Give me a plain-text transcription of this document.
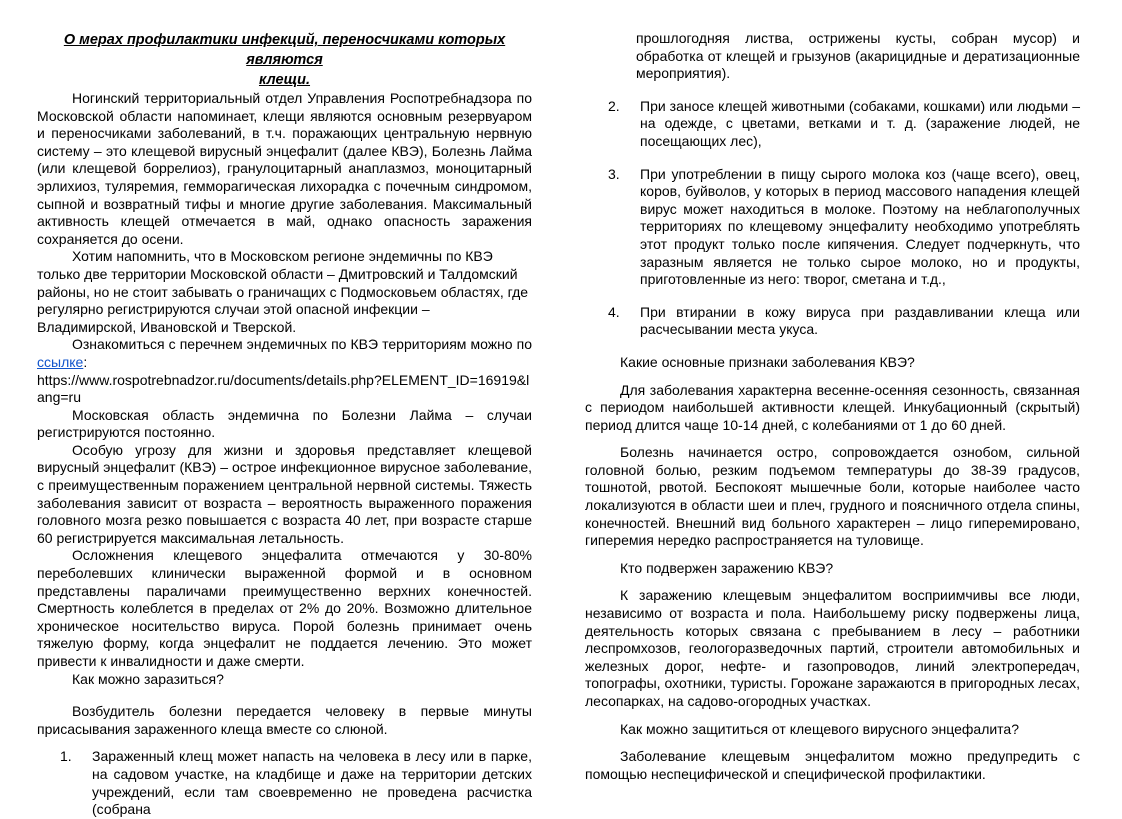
О мерах профилактики инфекций, переносчиками которых являются
клещи.

Ногинский территориальный отдел Управления Роспотребнадзора по Московской области напоминает, клещи являются основным резервуаром и переносчиками заболеваний, в т.ч. поражающих центральную нервную систему – это клещевой вирусный энцефалит (далее КВЭ), Болезнь Лайма (или клещевой боррелиоз), гранулоцитарный анаплазмоз, моноцитарный эрлихиоз, туляремия, гемморагическая лихорадка с почечным синдромом, сыпной и возвратный тифы и многие другие заболевания. Максимальный активность клещей отмечается в май, однако опасность заражения сохраняется до осени.

Хотим напомнить, что в Московском регионе эндемичны по КВЭ только две территории Московской области – Дмитровский и Талдомский районы, но не стоит забывать о граничащих с Подмосковьем областях, где регулярно регистрируются случаи этой опасной инфекции – Владимирской, Ивановской и Тверской.

Ознакомиться с перечнем эндемичных по КВЭ территориям можно по ссылке:

https://www.rospotrebnadzor.ru/documents/details.php?ELEMENT_ID=16919&lang=ru

Московская область эндемична по Болезни Лайма – случаи регистрируются постоянно.

Особую угрозу для жизни и здоровья представляет клещевой вирусный энцефалит (КВЭ) – острое инфекционное вирусное заболевание, с преимущественным поражением центральной нервной системы. Тяжесть заболевания зависит от возраста – вероятность выраженного поражения головного мозга резко повышается с возраста 40 лет, при возрасте старше 60 регистрируется максимальная летальность.

Осложнения клещевого энцефалита отмечаются у 30-80% переболевших клинически выраженной формой и в основном представлены параличами преимущественно верхних конечностей. Смертность колеблется в пределах от 2% до 20%. Возможно длительное хроническое носительство вируса. Порой болезнь принимает очень тяжелую форму, когда энцефалит не поддается лечению. Это может привести к инвалидности и даже смерти.

Как можно заразиться?

Возбудитель болезни передается человеку в первые минуты присасывания зараженного клеща вместе со слюной.

1.	Зараженный клещ может напасть на человека в лесу или в парке, на садовом участке, на кладбище и даже на территории детских учреждений, если там своевременно не проведена расчистка (собрана
прошлогодняя листва, острижены кусты, собран мусор) и обработка от клещей и грызунов (акарицидные и дератизационные мероприятия).
2.	При заносе клещей животными (собаками, кошками) или людьми – на одежде, с цветами, ветками и т. д. (заражение людей, не посещающих лес),
3.	При употреблении в пищу сырого молока коз (чаще всего), овец, коров, буйволов, у которых в период массового нападения клещей вирус может находиться в молоке. Поэтому на неблагополучных территориях по клещевому энцефалиту необходимо употреблять этот продукт только после кипячения. Следует подчеркнуть, что заразным является не только сырое молоко, но и продукты, приготовленные из него: творог, сметана и т.д.,
4.	При втирании в кожу вируса при раздавливании клеща или расчесывании места укуса.

Какие основные признаки заболевания КВЭ?

Для заболевания характерна весенне-осенняя сезонность, связанная с периодом наибольшей активности клещей. Инкубационный (скрытый) период длится чаще 10-14 дней, с колебаниями от 1 до 60 дней.

Болезнь начинается остро, сопровождается ознобом, сильной головной болью, резким подъемом температуры до 38-39 градусов, тошнотой, рвотой. Беспокоят мышечные боли, которые наиболее часто локализуются в области шеи и плеч, грудного и поясничного отдела спины, конечностей. Внешний вид больного характерен – лицо гиперемировано, гиперемия нередко распространяется на туловище.

Кто подвержен заражению КВЭ?

К заражению клещевым энцефалитом восприимчивы все люди, независимо от возраста и пола. Наибольшему риску подвержены лица, деятельность которых связана с пребыванием в лесу – работники леспромхозов, геологоразведочных партий, строители автомобильных и железных дорог, нефте- и газопроводов, линий электропередач, топографы, охотники, туристы. Горожане заражаются в пригородных лесах, лесопарках, на садово-огородных участках.

Как можно защититься от клещевого вирусного энцефалита?

Заболевание клещевым энцефалитом можно предупредить с помощью неспецифической и специфической профилактики.
